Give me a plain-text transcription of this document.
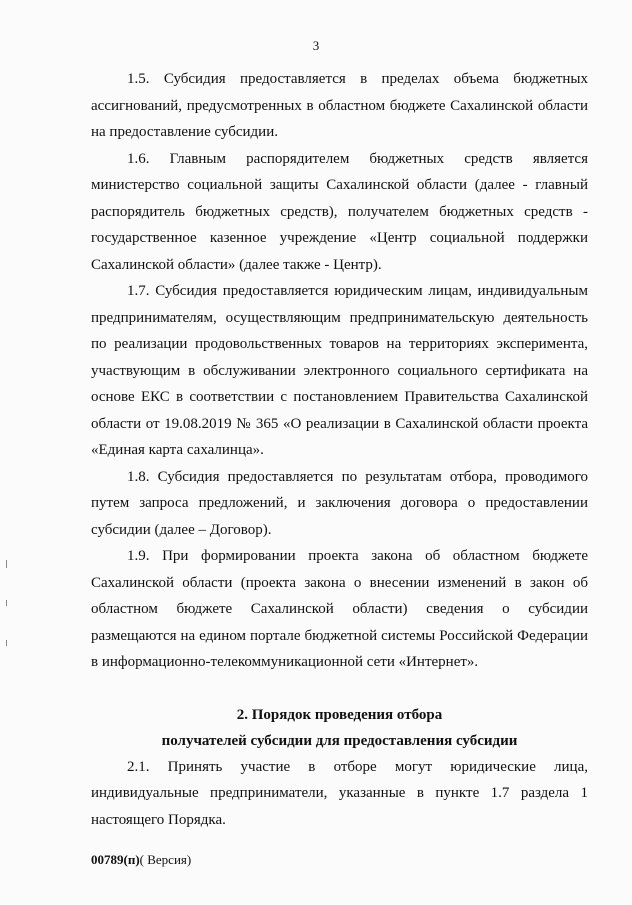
3

1.5. Субсидия предоставляется в пределах объема бюджетных ассигнований, предусмотренных в областном бюджете Сахалинской области на предоставление субсидии.

1.6. Главным распорядителем бюджетных средств является министерство социальной защиты Сахалинской области (далее - главный распорядитель бюджетных средств), получателем бюджетных средств - государственное казенное учреждение «Центр социальной поддержки Сахалинской области» (далее также - Центр).

1.7. Субсидия предоставляется юридическим лицам, индивидуальным предпринимателям, осуществляющим предпринимательскую деятельность по реализации продовольственных товаров на территориях эксперимента, участвующим в обслуживании электронного социального сертификата на основе ЕКС в соответствии с постановлением Правительства Сахалинской области от 19.08.2019 № 365 «О реализации в Сахалинской области проекта «Единая карта сахалинца».

1.8. Субсидия предоставляется по результатам отбора, проводимого путем запроса предложений, и заключения договора о предоставлении субсидии (далее – Договор).

1.9. При формировании проекта закона об областном бюджете Сахалинской области (проекта закона о внесении изменений в закон об областном бюджете Сахалинской области) сведения о субсидии размещаются на едином портале бюджетной системы Российской Федерации в информационно-телекоммуникационной сети «Интернет».

2. Порядок проведения отбора

получателей субсидии для предоставления субсидии

2.1. Принять участие в отборе могут юридические лица, индивидуальные предприниматели, указанные в пункте 1.7 раздела 1 настоящего Порядка.

00789(п)( Версия)
